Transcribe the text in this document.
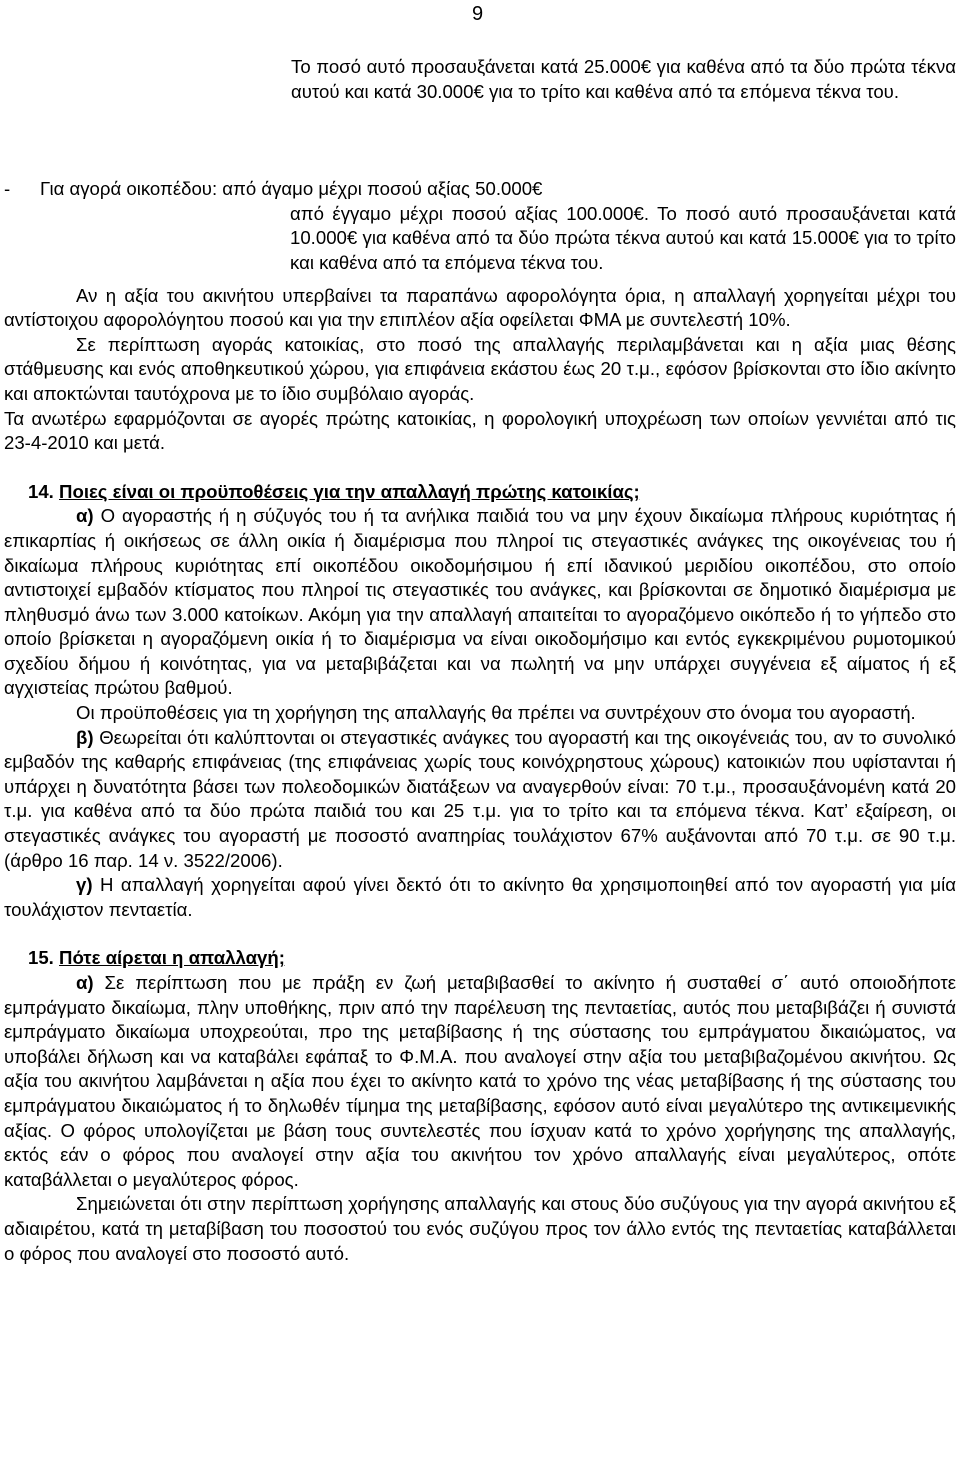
9

Το ποσό αυτό προσαυξάνεται κατά 25.000€ για καθένα από τα δύο πρώτα τέκνα αυτού και κατά 30.000€ για το τρίτο και καθένα από τα επόμενα τέκνα του.

-	Για αγορά οικοπέδου: από άγαμο μέχρι ποσού αξίας 50.000€

από έγγαμο μέχρι ποσού αξίας 100.000€. Το ποσό αυτό προσαυξάνεται κατά 10.000€ για καθένα από τα δύο πρώτα τέκνα αυτού και κατά 15.000€ για το τρίτο και καθένα από τα επόμενα τέκνα του.

Αν η αξία του ακινήτου υπερβαίνει τα παραπάνω αφορολόγητα όρια, η απαλλαγή χορηγείται μέχρι του αντίστοιχου αφορολόγητου ποσού και για την επιπλέον αξία οφείλεται ΦΜΑ με συντελεστή 10%.

Σε περίπτωση αγοράς κατοικίας, στο ποσό της απαλλαγής περιλαμβάνεται και η αξία μιας θέσης στάθμευσης και ενός αποθηκευτικού χώρου, για επιφάνεια εκάστου έως 20 τ.μ., εφόσον βρίσκονται στο ίδιο ακίνητο και αποκτώνται ταυτόχρονα με το ίδιο συμβόλαιο αγοράς.

Τα ανωτέρω εφαρμόζονται σε αγορές πρώτης κατοικίας, η φορολογική υποχρέωση των οποίων γεννιέται από τις 23-4-2010 και μετά.

14. Ποιες είναι οι προϋποθέσεις για την απαλλαγή πρώτης κατοικίας;

α) Ο αγοραστής ή η σύζυγός του ή τα ανήλικα παιδιά του να μην έχουν δικαίωμα πλήρους κυριότητας ή επικαρπίας ή οικήσεως σε άλλη οικία ή διαμέρισμα που πληροί τις στεγαστικές ανάγκες της οικογένειας του ή δικαίωμα πλήρους κυριότητας επί οικοπέδου οικοδομήσιμου ή επί ιδανικού μεριδίου οικοπέδου, στο οποίο αντιστοιχεί εμβαδόν κτίσματος που πληροί τις στεγαστικές του ανάγκες, και βρίσκονται σε δημοτικό διαμέρισμα με πληθυσμό άνω των 3.000 κατοίκων. Ακόμη για την απαλλαγή απαιτείται το αγοραζόμενο οικόπεδο ή το γήπεδο στο οποίο βρίσκεται η αγοραζόμενη οικία ή το διαμέρισμα να είναι οικοδομήσιμο και εντός εγκεκριμένου ρυμοτομικού σχεδίου δήμου ή κοινότητας, για να μεταβιβάζεται και να πωλητή να μην υπάρχει συγγένεια εξ αίματος ή εξ αγχιστείας πρώτου βαθμού.

Οι προϋποθέσεις για τη χορήγηση της απαλλαγής θα πρέπει να συντρέχουν στο όνομα του αγοραστή.

β) Θεωρείται ότι καλύπτονται οι στεγαστικές ανάγκες του αγοραστή και της οικογένειάς του, αν το συνολικό εμβαδόν της καθαρής επιφάνειας (της επιφάνειας χωρίς τους κοινόχρηστους χώρους) κατοικιών που υφίστανται ή υπάρχει η δυνατότητα βάσει των πολεοδομικών διατάξεων να αναγερθούν είναι: 70 τ.μ., προσαυξάνομένη κατά 20 τ.μ. για καθένα από τα δύο πρώτα παιδιά του και 25 τ.μ. για το τρίτο και τα επόμενα τέκνα. Κατ’ εξαίρεση, οι στεγαστικές ανάγκες του αγοραστή με ποσοστό αναπηρίας τουλάχιστον 67% αυξάνονται από 70 τ.μ. σε 90 τ.μ. (άρθρο 16 παρ. 14 ν. 3522/2006).

γ) Η απαλλαγή χορηγείται αφού γίνει δεκτό ότι το ακίνητο θα χρησιμοποιηθεί από τον αγοραστή για μία τουλάχιστον πενταετία.

15. Πότε αίρεται η απαλλαγή;

α) Σε περίπτωση που με πράξη εν ζωή μεταβιβασθεί το ακίνητο ή συσταθεί σ΄ αυτό οποιοδήποτε εμπράγματο δικαίωμα, πλην υποθήκης, πριν από την παρέλευση της πενταετίας, αυτός που μεταβιβάζει ή συνιστά εμπράγματο δικαίωμα υποχρεούται, προ της μεταβίβασης ή της σύστασης του εμπράγματου δικαιώματος, να υποβάλει δήλωση και να καταβάλει εφάπαξ το Φ.Μ.Α. που αναλογεί στην αξία του μεταβιβαζομένου ακινήτου. Ως αξία του ακινήτου λαμβάνεται η αξία που έχει το ακίνητο κατά το χρόνο της νέας μεταβίβασης ή της σύστασης του εμπράγματου δικαιώματος ή το δηλωθέν τίμημα της μεταβίβασης, εφόσον αυτό είναι μεγαλύτερο της αντικειμενικής αξίας. Ο φόρος υπολογίζεται με βάση τους συντελεστές που ίσχυαν κατά το χρόνο χορήγησης της απαλλαγής, εκτός εάν ο φόρος που αναλογεί στην αξία του ακινήτου τον χρόνο απαλλαγής είναι μεγαλύτερος, οπότε καταβάλλεται ο μεγαλύτερος φόρος.

Σημειώνεται ότι στην περίπτωση χορήγησης απαλλαγής και στους δύο συζύγους για την αγορά ακινήτου εξ αδιαιρέτου, κατά τη μεταβίβαση του ποσοστού του ενός συζύγου προς τον άλλο εντός της πενταετίας καταβάλλεται ο φόρος που αναλογεί στο ποσοστό αυτό.
